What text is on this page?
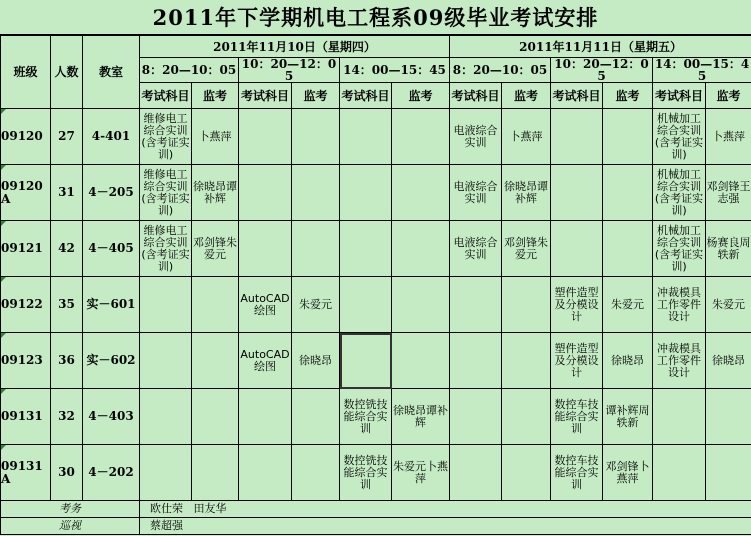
2011年下学期机电工程系09级毕业考试安排
班级	人数	教室	2011年11月10日（星期四）						2011年11月11日（星期五）					
			8：20—10：05		10：20—12：05		14：00—15：45		8：20—10：05		10：20—12：05		14：00—15：45	
			考试科目	监考	考试科目	监考	考试科目	监考	考试科目	监考	考试科目	监考	考试科目	监考
09120	27	4-401	维修电工综合实训(含考证实训)	卜燕萍					电液综合实训	卜燕萍			机械加工综合实训(含考证实训)	卜燕萍
09120A	31	4－205	维修电工综合实训(含考证实训)	徐晓昂谭补辉					电液综合实训	徐晓昂谭补辉			机械加工综合实训(含考证实训)	邓剑锋王志强
09121	42	4－405	维修电工综合实训(含考证实训)	邓剑锋朱爱元					电液综合实训	邓剑锋朱爱元			机械加工综合实训(含考证实训)	杨赛良周轶新
09122	35	实－601			AutoCAD绘图	朱爱元					塑件造型及分模设计	朱爱元	冲裁模具工作零件设计	朱爱元
09123	36	实－602			AutoCAD绘图	徐晓昂					塑件造型及分模设计	徐晓昂	冲裁模具工作零件设计	徐晓昂
09131	32	4－403					数控铣技能综合实训	徐晓昂谭补辉			数控车技能综合实训	谭补辉周轶新		
09131A	30	4－202					数控铣技能综合实训	朱爱元卜燕萍			数控车技能综合实训	邓剑锋卜燕萍		
考务			欧仕荣   田友华											
巡视			蔡超强											
